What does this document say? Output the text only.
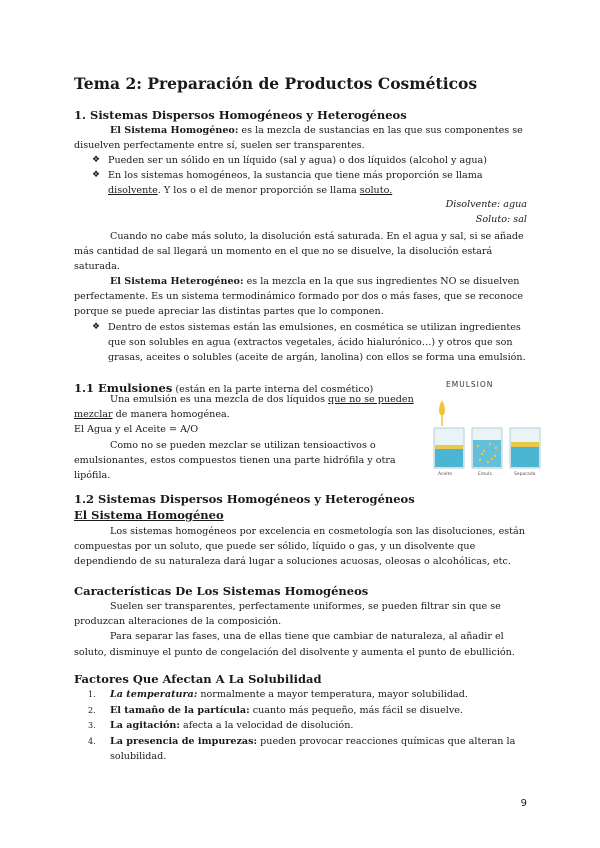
Tema 2: Preparación de Productos Cosméticos
1. Sistemas Dispersos Homogéneos y Heterogéneos

El Sistema Homogéneo: es la mezcla de sustancias en las que sus componentes se
disuelven perfectamente entre sí, suelen ser transparentes.

❖ Pueden ser un sólido en un líquido (sal y agua) o dos líquidos (alcohol y agua)
❖ En los sistemas homogéneos, la sustancia que tiene más proporción se llama
disolvente. Y los o el de menor proporción se llama soluto.
Disolvente: agua
Soluto: sal

Cuando no cabe más soluto, la disolución está saturada. En el agua y sal, si se añade
más cantidad de sal llegará un momento en el que no se disuelve, la disolución estará
saturada.

El Sistema Heterogéneo: es la mezcla en la que sus ingredientes NO se disuelven
perfectamente. Es un sistema termodinámico formado por dos o más fases, que se reconoce
porque se puede apreciar las distintas partes que lo componen.

❖ Dentro de estos sistemas están las emulsiones, en cosmética se utilizan ingredientes
que son solubles en agua (extractos vegetales, ácido hialurónico…) y otros que son
grasas, aceites o solubles (aceite de argán, lanolina) con ellos se forma una emulsión.
1.1 Emulsiones (están en la parte interna del cosmético)

Una emulsión es una mezcla de dos líquidos que no se pueden
mezclar de manera homogénea.
El Agua y el Aceite = A/O
Como no se pueden mezclar se utilizan tensioactivos o
emulsionantes, estos compuestos tienen una parte hidrófila y otra
lipófila.

EMULSION
Aceite	Emuls.	Separada
1.2 Sistemas Dispersos Homogéneos y Heterogéneos
El Sistema Homogéneo

Los sistemas homogéneos por excelencia en cosmetología son las disoluciones, están
compuestas por un soluto, que puede ser sólido, líquido o gas, y un disolvente que
dependiendo de su naturaleza dará lugar a soluciones acuosas, oleosas o alcohólicas, etc.

Características De Los Sistemas Homogéneos

Suelen ser transparentes, perfectamente uniformes, se pueden filtrar sin que se
produzcan alteraciones de la composición.
Para separar las fases, una de ellas tiene que cambiar de naturaleza, al añadir el
soluto, disminuye el punto de congelación del disolvente y aumenta el punto de ebullición.

Factores Que Afectan A La Solubilidad
1.	La temperatura: normalmente a mayor temperatura, mayor solubilidad.
2.	El tamaño de la partícula: cuanto más pequeño, más fácil se disuelve.
3.	La agitación: afecta a la velocidad de disolución.
4.	La presencia de impurezas: pueden provocar reacciones químicas que alteran la
solubilidad.
9
